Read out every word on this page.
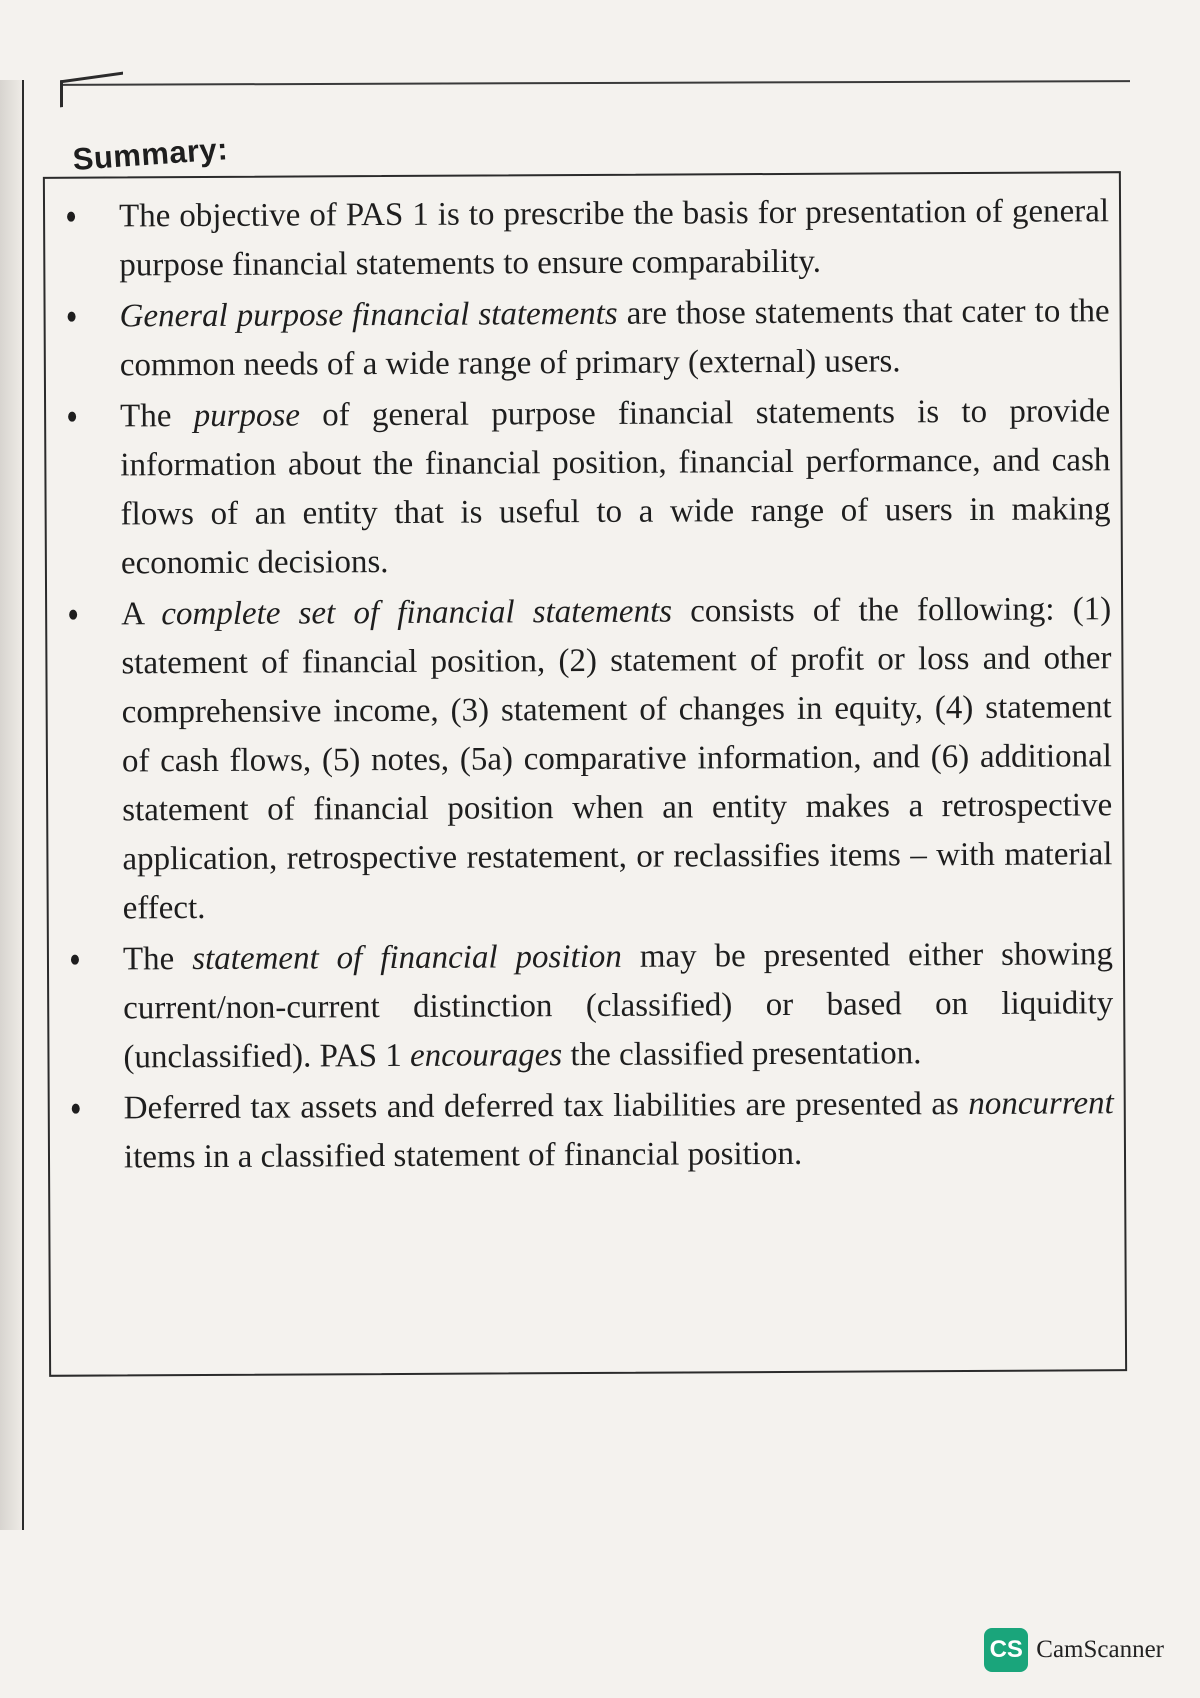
Summary:
The objective of PAS 1 is to prescribe the basis for presentation of general purpose financial statements to ensure comparability.
General purpose financial statements are those statements that cater to the common needs of a wide range of primary (external) users.
The purpose of general purpose financial statements is to provide information about the financial position, financial performance, and cash flows of an entity that is useful to a wide range of users in making economic decisions.
A complete set of financial statements consists of the following: (1) statement of financial position, (2) statement of profit or loss and other comprehensive income, (3) statement of changes in equity, (4) statement of cash flows, (5) notes, (5a) comparative information, and (6) additional statement of financial position when an entity makes a retrospective application, retrospective restatement, or reclassifies items – with material effect.
The statement of financial position may be presented either showing current/non-current distinction (classified) or based on liquidity (unclassified). PAS 1 encourages the classified presentation.
Deferred tax assets and deferred tax liabilities are presented as noncurrent items in a classified statement of financial position.
CS CamScanner
